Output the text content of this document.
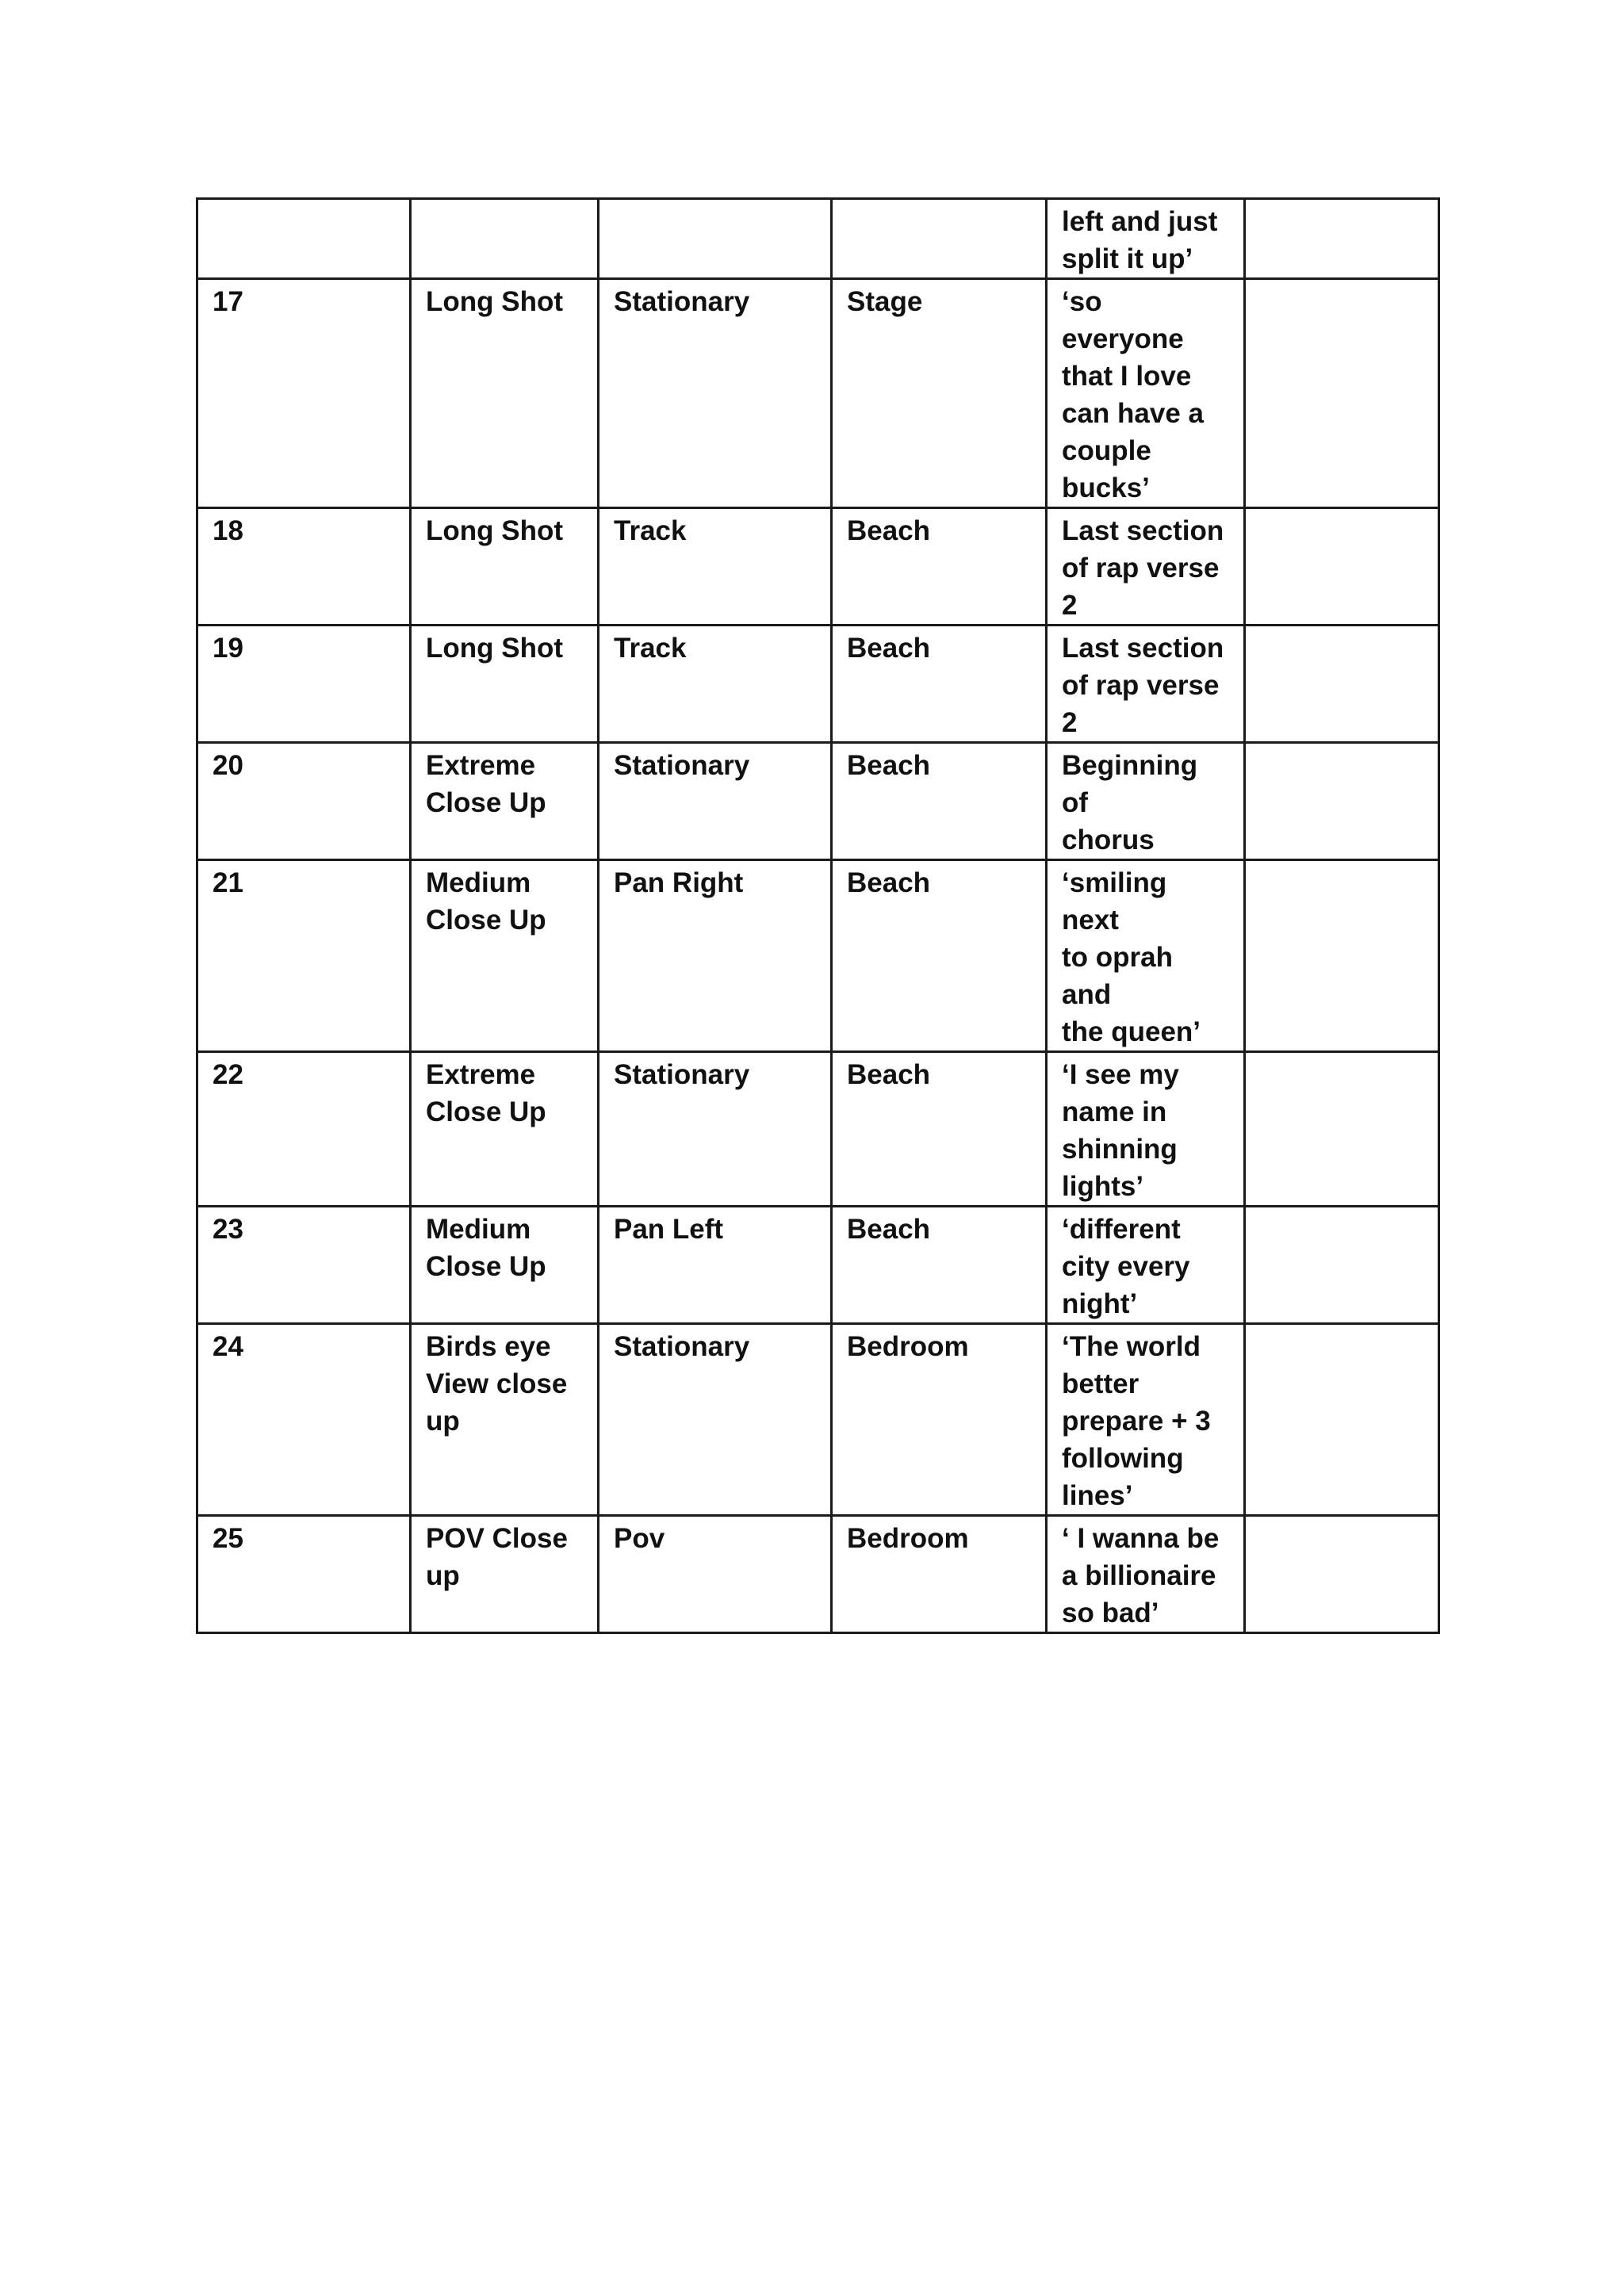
				left and just
split it up’	
17	Long Shot	Stationary	Stage	‘so everyone
that I love
can have a
couple
bucks’	
18	Long Shot	Track	Beach	Last section
of rap verse
2	
19	Long Shot	Track	Beach	Last section
of rap verse
2	
20	Extreme
Close Up	Stationary	Beach	Beginning of
chorus	
21	Medium
Close Up	Pan Right	Beach	‘smiling next
to oprah and
the queen’	
22	Extreme
Close Up	Stationary	Beach	‘I see my
name in
shinning
lights’	
23	Medium
Close Up	Pan Left	Beach	‘different
city every
night’	
24	Birds eye
View close
up	Stationary	Bedroom	‘The world
better
prepare + 3
following
lines’	
25	POV Close
up	Pov	Bedroom	‘ I wanna be
a billionaire
so bad’	
